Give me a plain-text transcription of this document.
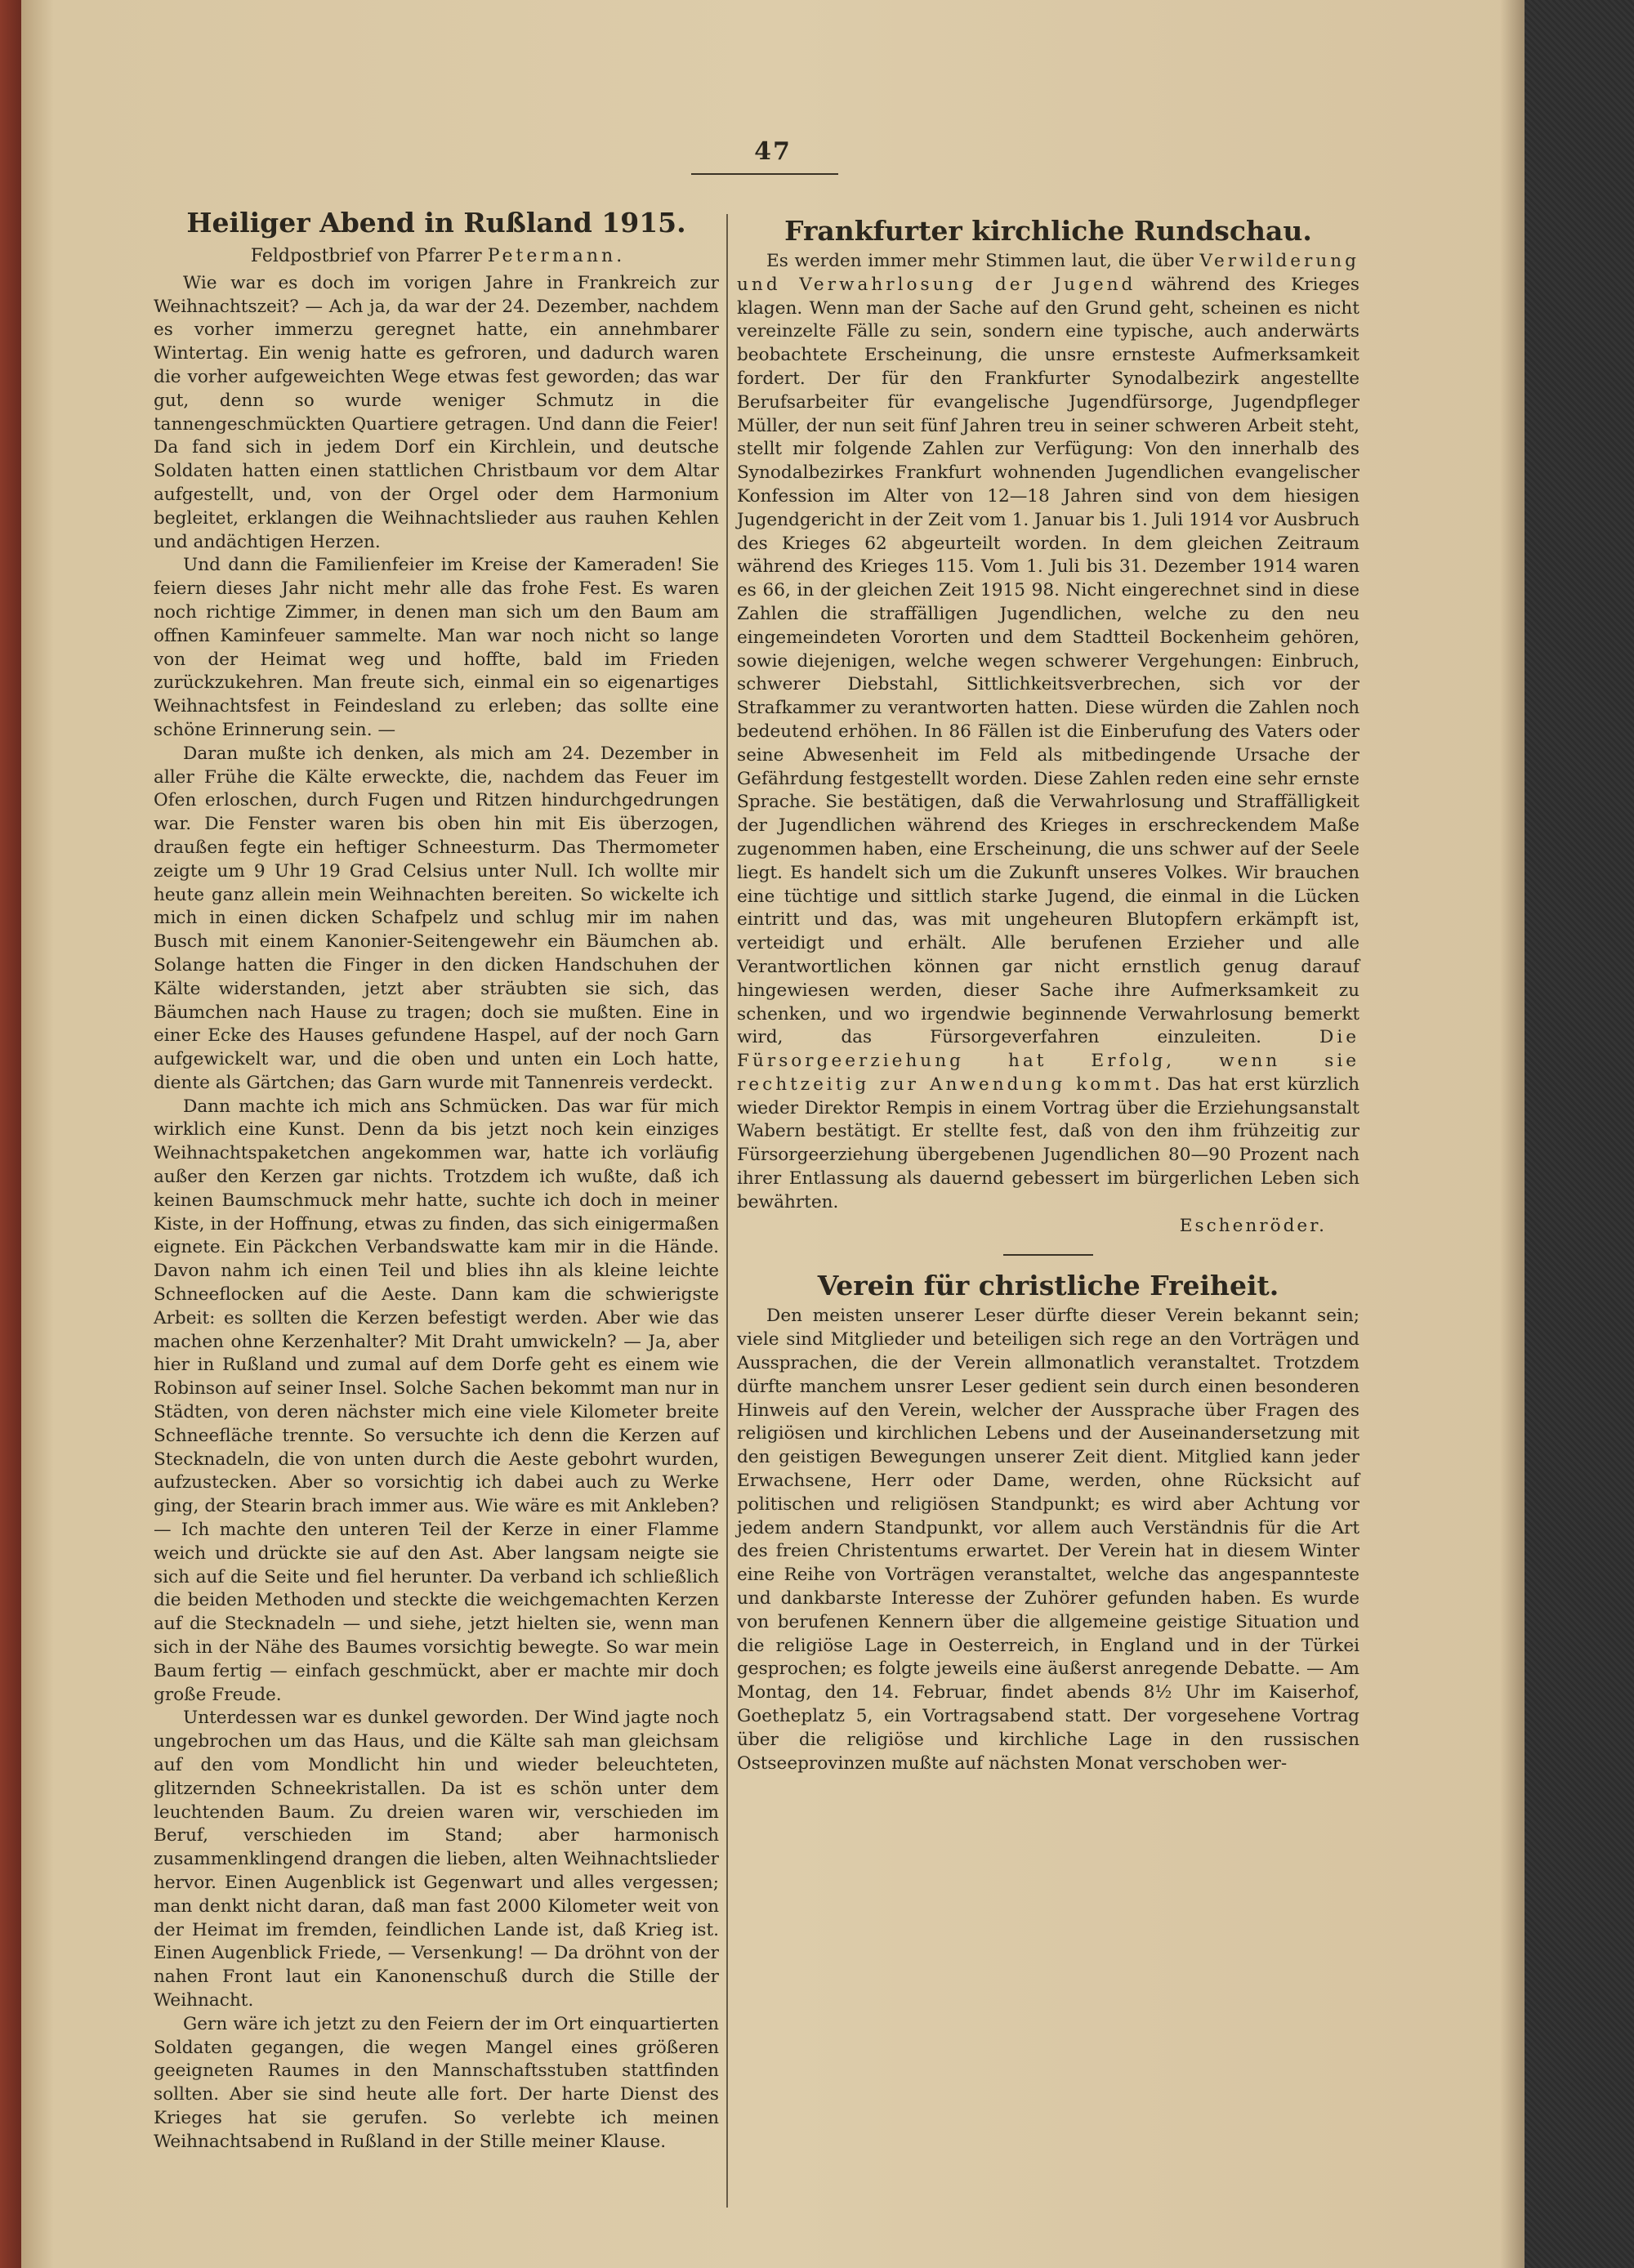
47
Heiliger Abend in Rußland 1915.
Feldpostbrief von Pfarrer Petermann.

Wie war es doch im vorigen Jahre in Frankreich zur Weihnachtszeit? — Ach ja, da war der 24. Dezember, nachdem es vorher immerzu geregnet hatte, ein annehmbarer Wintertag. Ein wenig hatte es gefroren, und dadurch waren die vorher aufgeweichten Wege etwas fest geworden; das war gut, denn so wurde weniger Schmutz in die tannengeschmückten Quartiere getragen. Und dann die Feier! Da fand sich in jedem Dorf ein Kirchlein, und deutsche Soldaten hatten einen stattlichen Christbaum vor dem Altar aufgestellt, und, von der Orgel oder dem Harmonium begleitet, erklangen die Weihnachtslieder aus rauhen Kehlen und andächtigen Herzen.

Und dann die Familienfeier im Kreise der Kameraden! Sie feiern dieses Jahr nicht mehr alle das frohe Fest. Es waren noch richtige Zimmer, in denen man sich um den Baum am offnen Kaminfeuer sammelte. Man war noch nicht so lange von der Heimat weg und hoffte, bald im Frieden zurückzukehren. Man freute sich, einmal ein so eigenartiges Weihnachtsfest in Feindesland zu erleben; das sollte eine schöne Erinnerung sein. —

Daran mußte ich denken, als mich am 24. Dezember in aller Frühe die Kälte erweckte, die, nachdem das Feuer im Ofen erloschen, durch Fugen und Ritzen hindurchgedrungen war. Die Fenster waren bis oben hin mit Eis überzogen, draußen fegte ein heftiger Schneesturm. Das Thermometer zeigte um 9 Uhr 19 Grad Celsius unter Null. Ich wollte mir heute ganz allein mein Weihnachten bereiten. So wickelte ich mich in einen dicken Schafpelz und schlug mir im nahen Busch mit einem Kanonier-Seitengewehr ein Bäumchen ab. Solange hatten die Finger in den dicken Handschuhen der Kälte widerstanden, jetzt aber sträubten sie sich, das Bäumchen nach Hause zu tragen; doch sie mußten. Eine in einer Ecke des Hauses gefundene Haspel, auf der noch Garn aufgewickelt war, und die oben und unten ein Loch hatte, diente als Gärtchen; das Garn wurde mit Tannenreis verdeckt.

Dann machte ich mich ans Schmücken. Das war für mich wirklich eine Kunst. Denn da bis jetzt noch kein einziges Weihnachtspaketchen angekommen war, hatte ich vorläufig außer den Kerzen gar nichts. Trotzdem ich wußte, daß ich keinen Baumschmuck mehr hatte, suchte ich doch in meiner Kiste, in der Hoffnung, etwas zu finden, das sich einigermaßen eignete. Ein Päckchen Verbandswatte kam mir in die Hände. Davon nahm ich einen Teil und blies ihn als kleine leichte Schneeflocken auf die Aeste. Dann kam die schwierigste Arbeit: es sollten die Kerzen befestigt werden. Aber wie das machen ohne Kerzenhalter? Mit Draht umwickeln? — Ja, aber hier in Rußland und zumal auf dem Dorfe geht es einem wie Robinson auf seiner Insel. Solche Sachen bekommt man nur in Städten, von deren nächster mich eine viele Kilometer breite Schneefläche trennte. So versuchte ich denn die Kerzen auf Stecknadeln, die von unten durch die Aeste gebohrt wurden, aufzustecken. Aber so vorsichtig ich dabei auch zu Werke ging, der Stearin brach immer aus. Wie wäre es mit Ankleben? — Ich machte den unteren Teil der Kerze in einer Flamme weich und drückte sie auf den Ast. Aber langsam neigte sie sich auf die Seite und fiel herunter. Da verband ich schließlich die beiden Methoden und steckte die weichgemachten Kerzen auf die Stecknadeln — und siehe, jetzt hielten sie, wenn man sich in der Nähe des Baumes vorsichtig bewegte. So war mein Baum fertig — einfach geschmückt, aber er machte mir doch große Freude.

Unterdessen war es dunkel geworden. Der Wind jagte noch ungebrochen um das Haus, und die Kälte sah man gleichsam auf den vom Mondlicht hin und wieder beleuchteten, glitzernden Schneekristallen. Da ist es schön unter dem leuchtenden Baum. Zu dreien waren wir, verschieden im Beruf, verschieden im Stand; aber harmonisch zusammenklingend drangen die lieben, alten Weihnachtslieder hervor. Einen Augenblick ist Gegenwart und alles vergessen; man denkt nicht daran, daß man fast 2000 Kilometer weit von der Heimat im fremden, feindlichen Lande ist, daß Krieg ist. Einen Augenblick Friede, — Versenkung! — Da dröhnt von der nahen Front laut ein Kanonenschuß durch die Stille der Weihnacht.

Gern wäre ich jetzt zu den Feiern der im Ort einquartierten Soldaten gegangen, die wegen Mangel eines größeren geeigneten Raumes in den Mannschaftsstuben stattfinden sollten. Aber sie sind heute alle fort. Der harte Dienst des Krieges hat sie gerufen. So verlebte ich meinen Weihnachtsabend in Rußland in der Stille meiner Klause.

Frankfurter kirchliche Rundschau.

Es werden immer mehr Stimmen laut, die über Verwilderung und Verwahrlosung der Jugend während des Krieges klagen. Wenn man der Sache auf den Grund geht, scheinen es nicht vereinzelte Fälle zu sein, sondern eine typische, auch anderwärts beobachtete Erscheinung, die unsre ernsteste Aufmerksamkeit fordert. Der für den Frankfurter Synodalbezirk angestellte Berufsarbeiter für evangelische Jugendfürsorge, Jugendpfleger Müller, der nun seit fünf Jahren treu in seiner schweren Arbeit steht, stellt mir folgende Zahlen zur Verfügung: Von den innerhalb des Synodalbezirkes Frankfurt wohnenden Jugendlichen evangelischer Konfession im Alter von 12—18 Jahren sind von dem hiesigen Jugendgericht in der Zeit vom 1. Januar bis 1. Juli 1914 vor Ausbruch des Krieges 62 abgeurteilt worden. In dem gleichen Zeitraum während des Krieges 115. Vom 1. Juli bis 31. Dezember 1914 waren es 66, in der gleichen Zeit 1915 98. Nicht eingerechnet sind in diese Zahlen die straffälligen Jugendlichen, welche zu den neu eingemeindeten Vororten und dem Stadtteil Bockenheim gehören, sowie diejenigen, welche wegen schwerer Vergehungen: Einbruch, schwerer Diebstahl, Sittlichkeitsverbrechen, sich vor der Strafkammer zu verantworten hatten. Diese würden die Zahlen noch bedeutend erhöhen. In 86 Fällen ist die Einberufung des Vaters oder seine Abwesenheit im Feld als mitbedingende Ursache der Gefährdung festgestellt worden. Diese Zahlen reden eine sehr ernste Sprache. Sie bestätigen, daß die Verwahrlosung und Straffälligkeit der Jugendlichen während des Krieges in erschreckendem Maße zugenommen haben, eine Erscheinung, die uns schwer auf der Seele liegt. Es handelt sich um die Zukunft unseres Volkes. Wir brauchen eine tüchtige und sittlich starke Jugend, die einmal in die Lücken eintritt und das, was mit ungeheuren Blutopfern erkämpft ist, verteidigt und erhält. Alle berufenen Erzieher und alle Verantwortlichen können gar nicht ernstlich genug darauf hingewiesen werden, dieser Sache ihre Aufmerksamkeit zu schenken, und wo irgendwie beginnende Verwahrlosung bemerkt wird, das Fürsorgeverfahren einzuleiten. Die Fürsorgeerziehung hat Erfolg, wenn sie rechtzeitig zur Anwendung kommt. Das hat erst kürzlich wieder Direktor Rempis in einem Vortrag über die Erziehungsanstalt Wabern bestätigt. Er stellte fest, daß von den ihm frühzeitig zur Fürsorgeerziehung übergebenen Jugendlichen 80—90 Prozent nach ihrer Entlassung als dauernd gebessert im bürgerlichen Leben sich bewährten.

Eschenröder.
Verein für christliche Freiheit.

Den meisten unserer Leser dürfte dieser Verein bekannt sein; viele sind Mitglieder und beteiligen sich rege an den Vorträgen und Aussprachen, die der Verein allmonatlich veranstaltet. Trotzdem dürfte manchem unsrer Leser gedient sein durch einen besonderen Hinweis auf den Verein, welcher der Aussprache über Fragen des religiösen und kirchlichen Lebens und der Auseinandersetzung mit den geistigen Bewegungen unserer Zeit dient. Mitglied kann jeder Erwachsene, Herr oder Dame, werden, ohne Rücksicht auf politischen und religiösen Standpunkt; es wird aber Achtung vor jedem andern Standpunkt, vor allem auch Verständnis für die Art des freien Christentums erwartet. Der Verein hat in diesem Winter eine Reihe von Vorträgen veranstaltet, welche das angespannteste und dankbarste Interesse der Zuhörer gefunden haben. Es wurde von berufenen Kennern über die allgemeine geistige Situation und die religiöse Lage in Oesterreich, in England und in der Türkei gesprochen; es folgte jeweils eine äußerst anregende Debatte. — Am Montag, den 14. Februar, findet abends 8½ Uhr im Kaiserhof, Goetheplatz 5, ein Vortragsabend statt. Der vorgesehene Vortrag über die religiöse und kirchliche Lage in den russischen Ostseeprovinzen mußte auf nächsten Monat verschoben wer-
